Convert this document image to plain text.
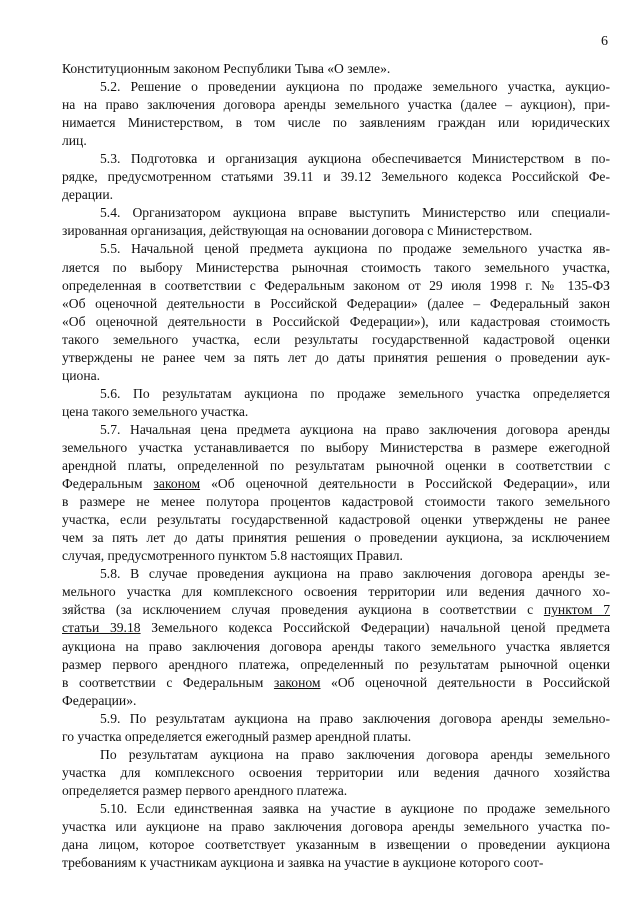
6
Конституционным законом Республики Тыва «О земле».
5.2. Решение о проведении аукциона по продаже земельного участка, аукцио-
на на право заключения договора аренды земельного участка (далее – аукцион), при-
нимается Министерством, в том числе по заявлениям граждан или юридических
лиц.
5.3. Подготовка и организация аукциона обеспечивается Министерством в по-
рядке, предусмотренном статьями 39.11 и 39.12 Земельного кодекса Российской Фе-
дерации.
5.4. Организатором аукциона вправе выступить Министерство или специали-
зированная организация, действующая на основании договора с Министерством.
5.5. Начальной ценой предмета аукциона по продаже земельного участка яв-
ляется по выбору Министерства рыночная стоимость такого земельного участка,
определенная в соответствии с Федеральным законом от 29 июля 1998 г. № 135-ФЗ
«Об оценочной деятельности в Российской Федерации» (далее – Федеральный закон
«Об оценочной деятельности в Российской Федерации»), или кадастровая стоимость
такого земельного участка, если результаты государственной кадастровой оценки
утверждены не ранее чем за пять лет до даты принятия решения о проведении аук-
циона.
5.6. По результатам аукциона по продаже земельного участка определяется
цена такого земельного участка.
5.7. Начальная цена предмета аукциона на право заключения договора аренды
земельного участка устанавливается по выбору Министерства в размере ежегодной
арендной платы, определенной по результатам рыночной оценки в соответствии с
Федеральным законом «Об оценочной деятельности в Российской Федерации», или
в размере не менее полутора процентов кадастровой стоимости такого земельного
участка, если результаты государственной кадастровой оценки утверждены не ранее
чем за пять лет до даты принятия решения о проведении аукциона, за исключением
случая, предусмотренного пунктом 5.8 настоящих Правил.
5.8. В случае проведения аукциона на право заключения договора аренды зе-
мельного участка для комплексного освоения территории или ведения дачного хо-
зяйства (за исключением случая проведения аукциона в соответствии с пунктом 7
статьи 39.18 Земельного кодекса Российской Федерации) начальной ценой предмета
аукциона на право заключения договора аренды такого земельного участка является
размер первого арендного платежа, определенный по результатам рыночной оценки
в соответствии с Федеральным законом «Об оценочной деятельности в Российской
Федерации».
5.9. По результатам аукциона на право заключения договора аренды земельно-
го участка определяется ежегодный размер арендной платы.
По результатам аукциона на право заключения договора аренды земельного
участка для комплексного освоения территории или ведения дачного хозяйства
определяется размер первого арендного платежа.
5.10. Если единственная заявка на участие в аукционе по продаже земельного
участка или аукционе на право заключения договора аренды земельного участка по-
дана лицом, которое соответствует указанным в извещении о проведении аукциона
требованиям к участникам аукциона и заявка на участие в аукционе которого соот-
